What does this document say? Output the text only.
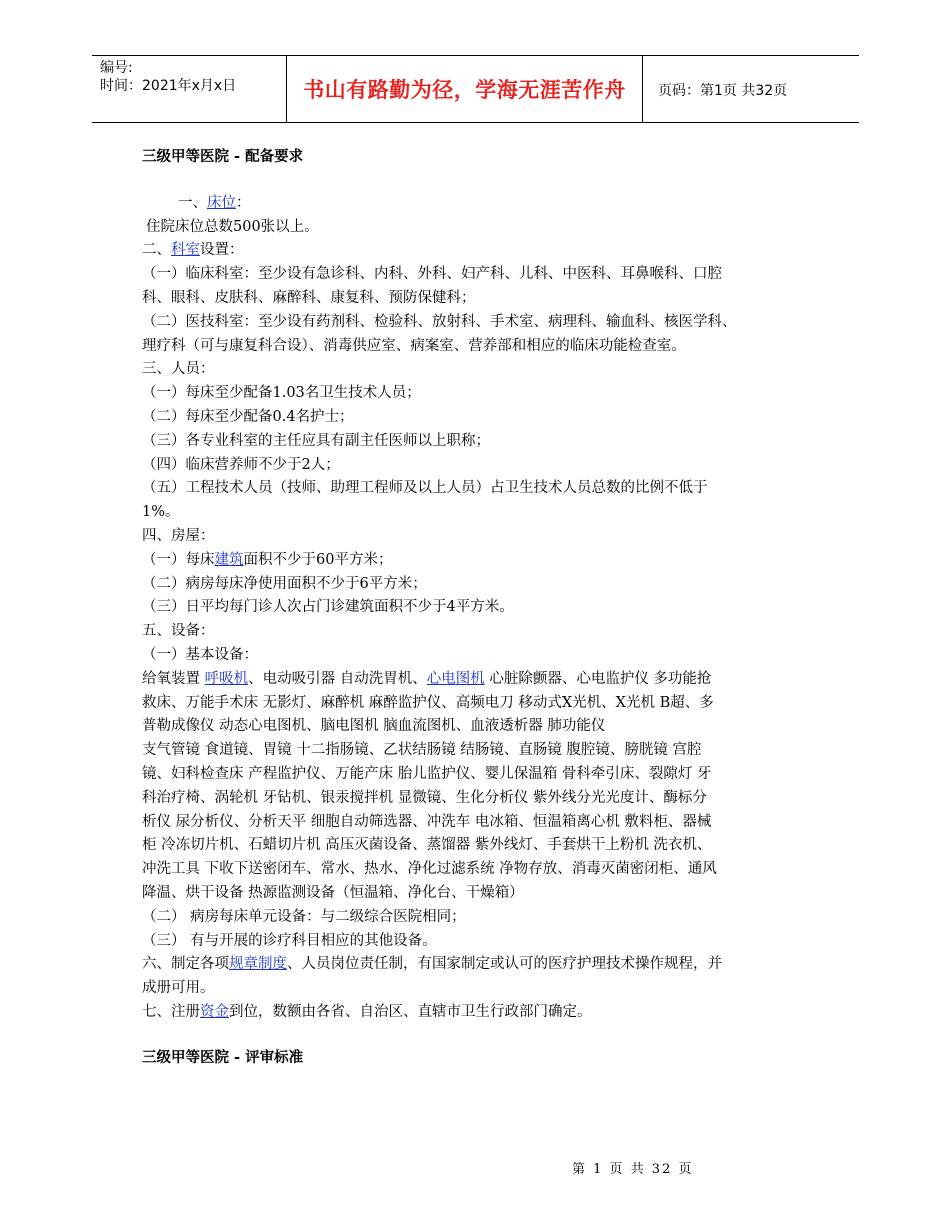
编号:
时间：2021年x月x日	书山有路勤为径，学海无涯苦作舟 页码：第1页 共32页
三级甲等医院 - 配备要求
一、床位：
住院床位总数500张以上。
二、科室设置：
（一）临床科室：至少设有急诊科、内科、外科、妇产科、儿科、中医科、耳鼻喉科、口腔
科、眼科、皮肤科、麻醉科、康复科、预防保健科；
（二）医技科室：至少设有药剂科、检验科、放射科、手术室、病理科、输血科、核医学科、
理疗科（可与康复科合设）、消毒供应室、病案室、营养部和相应的临床功能检查室。
三、人员：
（一）每床至少配备1.03名卫生技术人员；
（二）每床至少配备0.4名护士；
（三）各专业科室的主任应具有副主任医师以上职称；
（四）临床营养师不少于2人；
（五）工程技术人员（技师、助理工程师及以上人员）占卫生技术人员总数的比例不低于
1%。
四、房屋：
（一）每床建筑面积不少于60平方米；
（二）病房每床净使用面积不少于6平方米；
（三）日平均每门诊人次占门诊建筑面积不少于4平方米。
五、设备：
（一）基本设备：
给氧装置 呼吸机、电动吸引器 自动洗胃机、心电图机 心脏除颤器、心电监护仪 多功能抢
救床、万能手术床 无影灯、麻醉机 麻醉监护仪、高频电刀 移动式X光机、X光机 B超、多
普勒成像仪 动态心电图机、脑电图机 脑血流图机、血液透析器 肺功能仪
支气管镜 食道镜、胃镜 十二指肠镜、乙状结肠镜 结肠镜、直肠镜 腹腔镜、膀胱镜 宫腔
镜、妇科检查床 产程监护仪、万能产床 胎儿监护仪、婴儿保温箱 骨科牵引床、裂隙灯 牙
科治疗椅、涡轮机 牙钻机、银汞搅拌机 显微镜、生化分析仪 紫外线分光光度计、酶标分
析仪 尿分析仪、分析天平 细胞自动筛选器、冲洗车 电冰箱、恒温箱离心机 敷料柜、器械
柜 冷冻切片机、石蜡切片机 高压灭菌设备、蒸馏器 紫外线灯、手套烘干上粉机 洗衣机、
冲洗工具 下收下送密闭车、常水、热水、净化过滤系统 净物存放、消毒灭菌密闭柜、通风
降温、烘干设备 热源监测设备（恒温箱、净化台、干燥箱）
（二） 病房每床单元设备：与二级综合医院相同；
（三） 有与开展的诊疗科目相应的其他设备。
六、制定各项规章制度、人员岗位责任制，有国家制定或认可的医疗护理技术操作规程，并
成册可用。
七、注册资金到位，数额由各省、自治区、直辖市卫生行政部门确定。
三级甲等医院 - 评审标准
第 1 页 共 32 页
